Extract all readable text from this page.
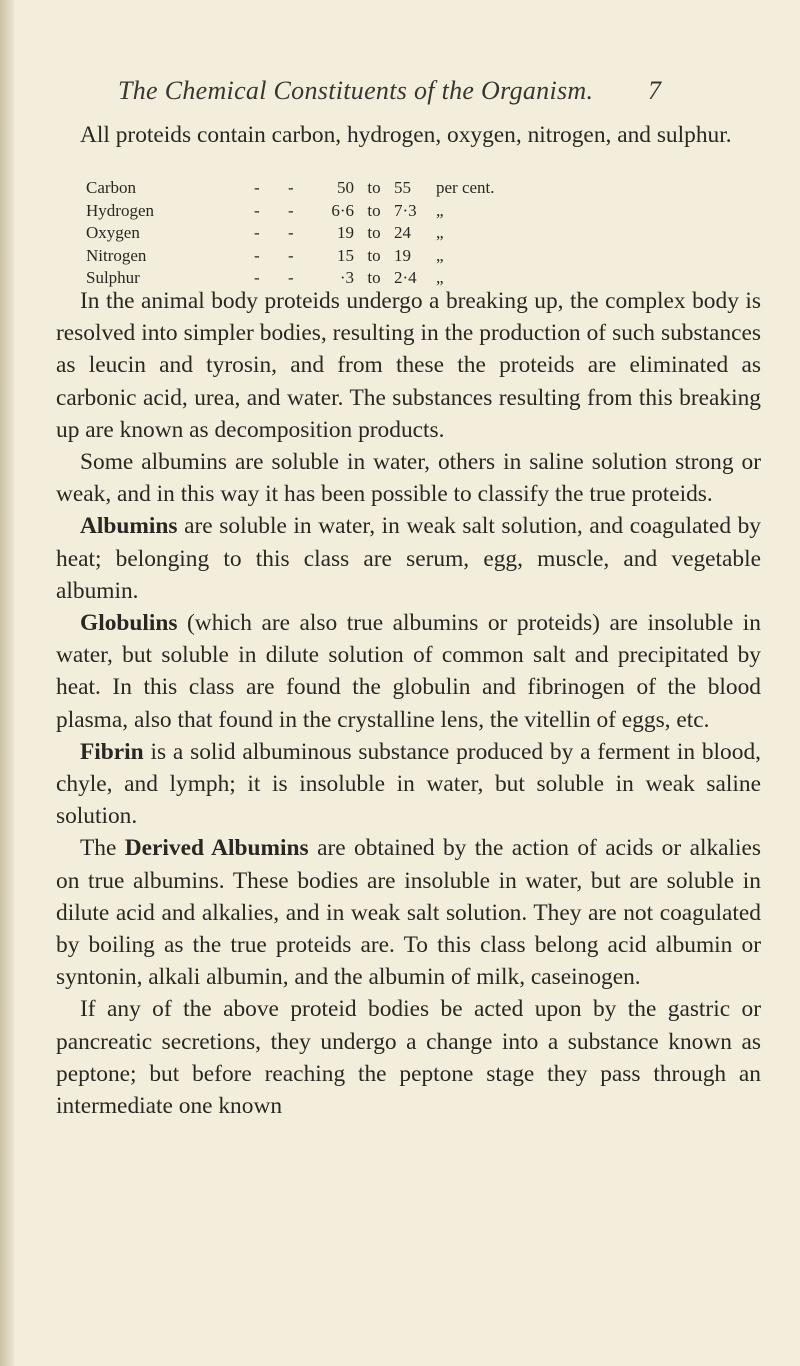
The Chemical Constituents of the Organism.	7
All proteids contain carbon, hydrogen, oxygen, nitrogen, and sulphur.
Carbon	-	-	50 to 55	per cent.
Hydrogen	-	-	6·6 to 7·3	„
Oxygen	-	-	19 to 24	„
Nitrogen	-	-	15 to 19	„
Sulphur	-	-	·3 to 2·4	„

In the animal body proteids undergo a breaking up, the complex body is resolved into simpler bodies, resulting in the production of such substances as leucin and tyrosin, and from these the proteids are eliminated as carbonic acid, urea, and water. The substances resulting from this breaking up are known as decomposition products.

Some albumins are soluble in water, others in saline solution strong or weak, and in this way it has been possible to classify the true proteids.

Albumins are soluble in water, in weak salt solution, and coagulated by heat; belonging to this class are serum, egg, muscle, and vegetable albumin.

Globulins (which are also true albumins or proteids) are insoluble in water, but soluble in dilute solution of common salt and precipitated by heat. In this class are found the globulin and fibrinogen of the blood plasma, also that found in the crystalline lens, the vitellin of eggs, etc.

Fibrin is a solid albuminous substance produced by a ferment in blood, chyle, and lymph; it is insoluble in water, but soluble in weak saline solution.

The Derived Albumins are obtained by the action of acids or alkalies on true albumins. These bodies are insoluble in water, but are soluble in dilute acid and alkalies, and in weak salt solution. They are not coagulated by boiling as the true proteids are. To this class belong acid albumin or syntonin, alkali albumin, and the albumin of milk, caseinogen.

If any of the above proteid bodies be acted upon by the gastric or pancreatic secretions, they undergo a change into a substance known as peptone; but before reaching the peptone stage they pass through an intermediate one known
